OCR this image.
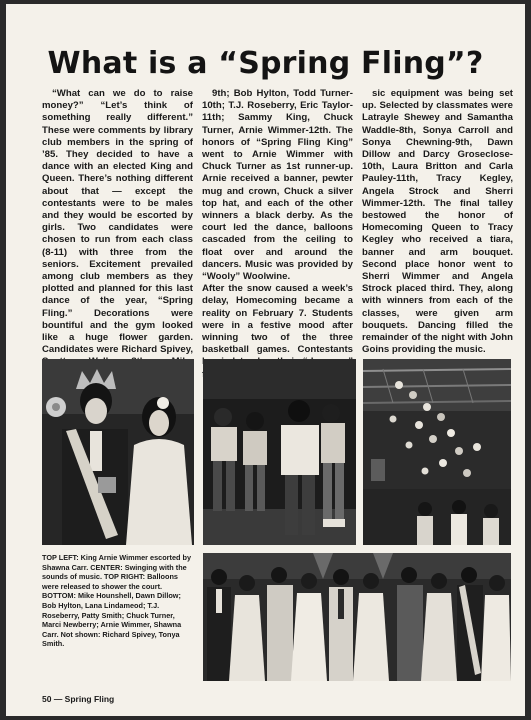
What is a “Spring Fling”?
“What can we do to raise money?” “Let’s think of something really different.” These were comments by library club members in the spring of ’85. They decided to have a dance with an elected King and Queen. There’s nothing different about that — except the contestants were to be males and they would be escorted by girls. Two candidates were chosen to run from each class (8-11) with three from the seniors. Excitement prevailed among club members as they plotted and planned for this last dance of the year, “Spring Fling.” Decorations were bountiful and the gym looked like a huge flower garden. Candidates were Richard Spivey,
9th; Bob Hylton, Todd Turner-10th; T.J. Roseberry, Eric Taylor-11th; Sammy King, Chuck Turner, Arnie Wimmer-12th. The honors of “Spring Fling King” went to Arnie Wimmer with Chuck Turner as 1st runner-up. Arnie received a banner, pewter mug and crown, Chuck a silver top hat, and each of the other winners a black derby. As the court led the dance, balloons cascaded from the ceiling to float over and around the dancers. Music was provided by “Wooly” Woolwine.
After the snow caused a week’s delay, Homecoming became a reality on February 7. Students were in a festive mood after winning two of the three basketball games. Contestants
sic equipment was being set up. Selected by classmates were Latrayle Shewey and Samantha Waddle-8th, Sonya Carroll and Sonya Chewning-9th, Dawn Dillow and Darcy Groseclose-10th, Laura Britton and Carla Pauley-11th, Tracy Kegley, Angela Strock and Sherri Wimmer-12th. The final talley bestowed the honor of Homecoming Queen to Tracy Kegley who received a tiara, banner and arm bouquet. Second place honor went to Sherri Wimmer and Angela Strock placed third. They, along with winners from each of the classes, were given arm bouquets. Dancing filled the remainder of the night with John Goins providing the music.
TOP LEFT: King Arnie Wimmer escorted by Shawna Carr. CENTER: Swinging with the sounds of music. TOP RIGHT: Balloons were released to shower the court. BOTTOM: Mike Hounshell, Dawn Dillow; Bob Hylton, Lana Lindameod; T.J. Roseberry, Patty Smith; Chuck Turner, Marci Newberry; Arnie Wimmer, Shawna Carr. Not shown: Richard Spivey, Tonya Smith.
50 — Spring Fling
